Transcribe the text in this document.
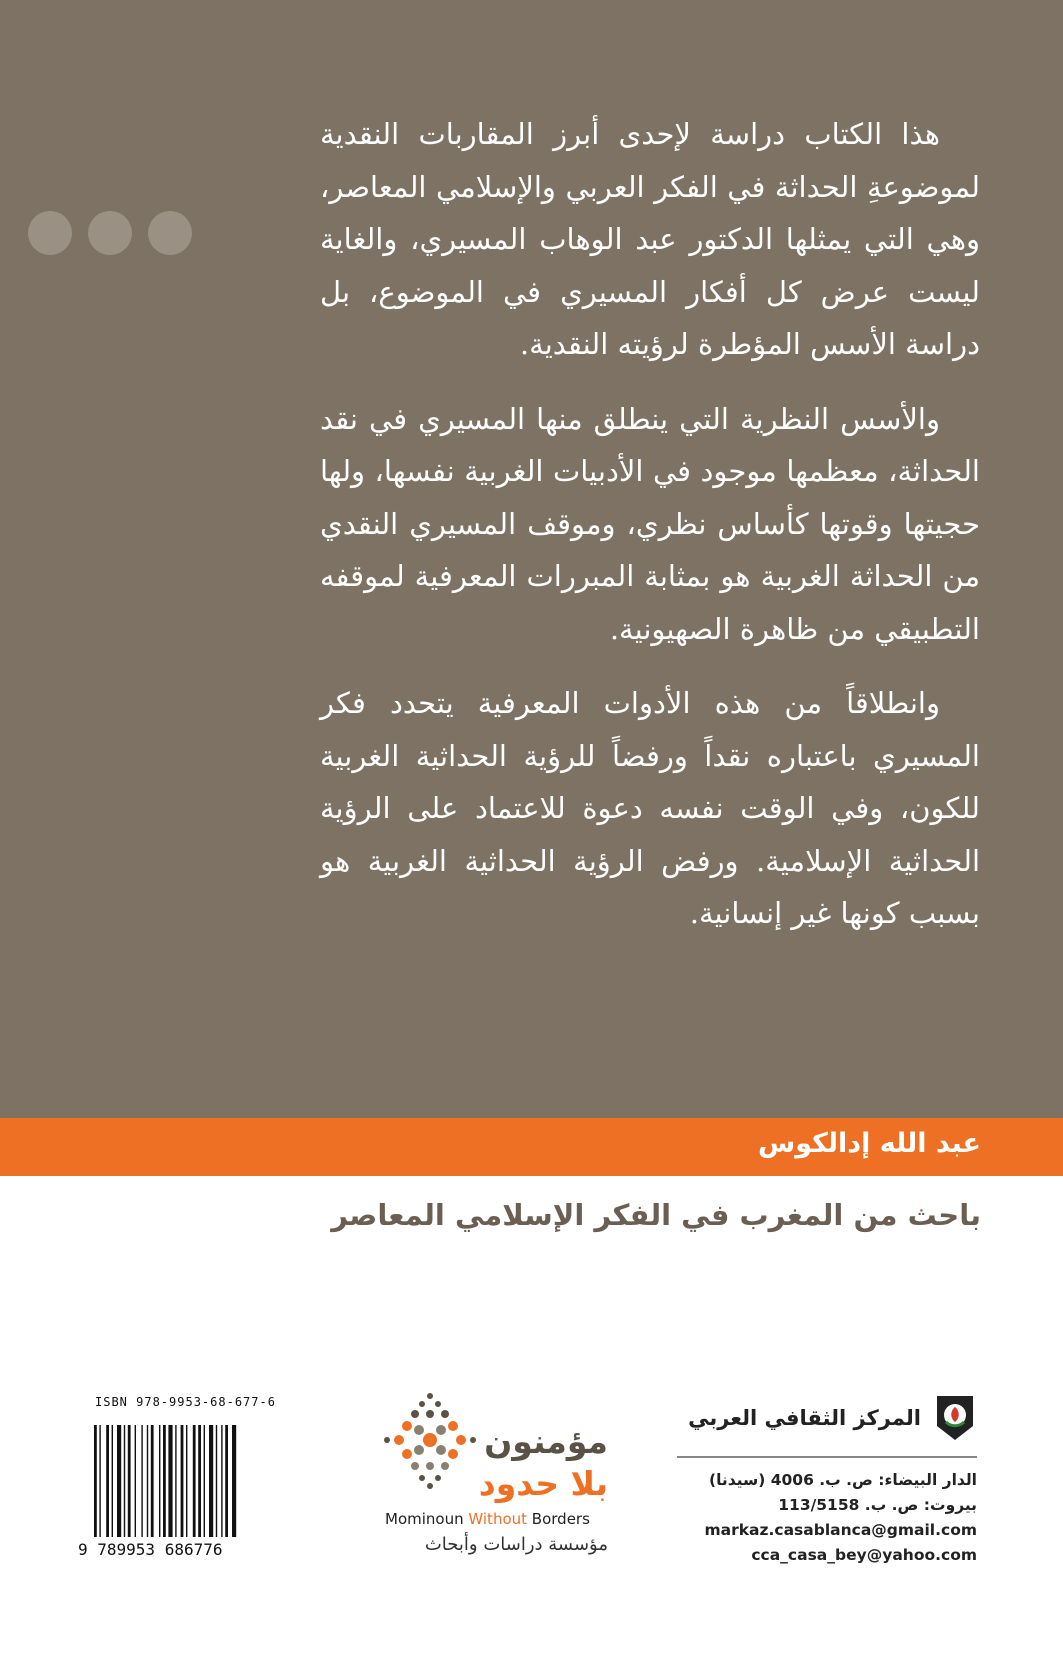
هذا الكتاب دراسة لإحدى أبرز المقاربات النقدية لموضوعةِ الحداثة في الفكر العربي والإسلامي المعاصر، وهي التي يمثلها الدكتور عبد الوهاب المسيري، والغاية ليست عرض كل أفكار المسيري في الموضوع، بل دراسة الأسس المؤطرة لرؤيته النقدية.

والأسس النظرية التي ينطلق منها المسيري في نقد الحداثة، معظمها موجود في الأدبيات الغربية نفسها، ولها حجيتها وقوتها كأساس نظري، وموقف المسيري النقدي من الحداثة الغربية هو بمثابة المبررات المعرفية لموقفه التطبيقي من ظاهرة الصهيونية.

وانطلاقاً من هذه الأدوات المعرفية يتحدد فكر المسيري باعتباره نقداً ورفضاً للرؤية الحداثية الغربية للكون، وفي الوقت نفسه دعوة للاعتماد على الرؤية الحداثية الإسلامية. ورفض الرؤية الحداثية الغربية هو بسبب كونها غير إنسانية.

عبد الله إدالكوس
باحث من المغرب في الفكر الإسلامي المعاصر
المركز الثقافي العربي
الدار البيضاء: ص. ب. 4006 (سيدنا)
بيروت: ص. ب. 113/5158
markaz.casablanca@gmail.com
cca_casa_bey@yahoo.com
مؤمنون
بلا حدود
Mominoun Without Borders
مؤسسة دراسات وأبحاث
ISBN 978-9953-68-677-6
9 789953 686776
